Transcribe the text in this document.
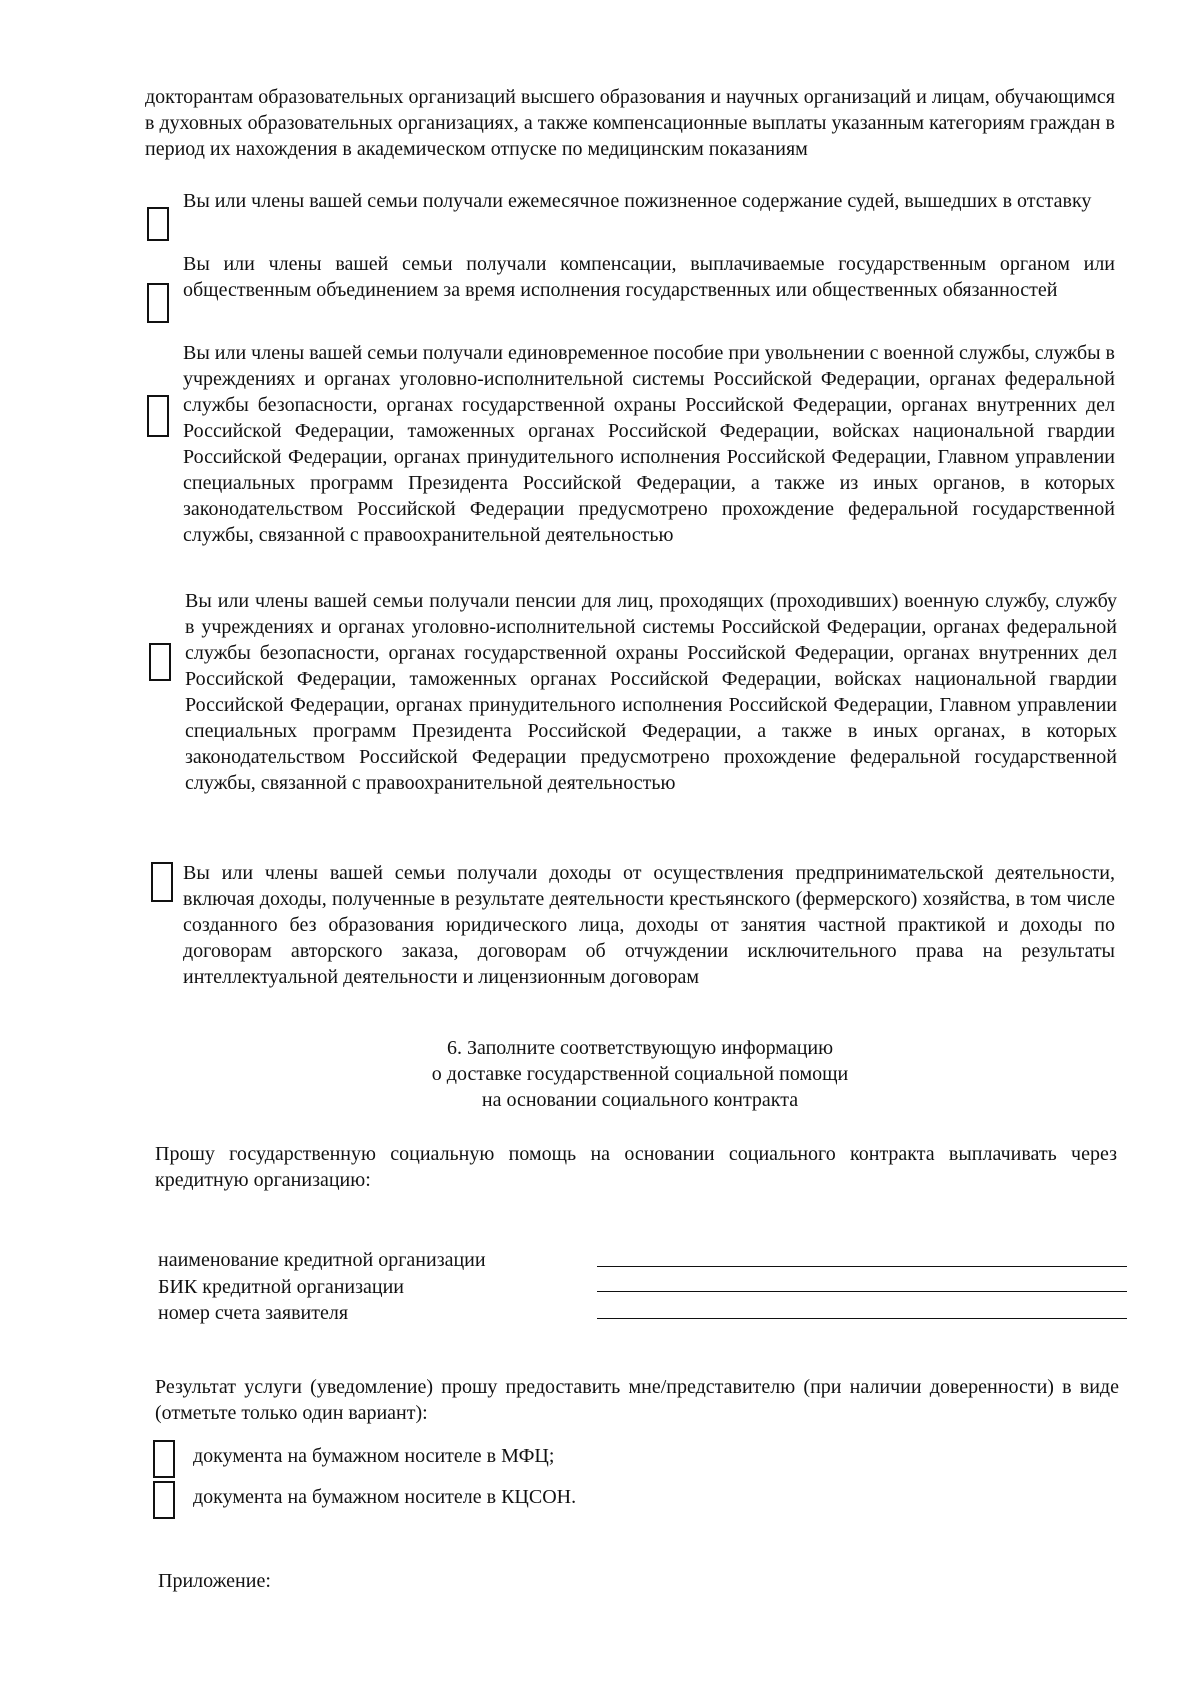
докторантам образовательных организаций высшего образования и научных организаций и лицам, обучающимся в духовных образовательных организациях, а также компенсационные выплаты указанным категориям граждан в период их нахождения в академическом отпуске по медицинским показаниям

Вы или члены вашей семьи получали ежемесячное пожизненное содержание судей, вышедших в отставку

Вы или члены вашей семьи получали компенсации, выплачиваемые государственным органом или общественным объединением за время исполнения государственных или общественных обязанностей

Вы или члены вашей семьи получали единовременное пособие при увольнении с военной службы, службы в учреждениях и органах уголовно-исполнительной системы Российской Федерации, органах федеральной службы безопасности, органах государственной охраны Российской Федерации, органах внутренних дел Российской Федерации, таможенных органах Российской Федерации, войсках национальной гвардии Российской Федерации, органах принудительного исполнения Российской Федерации, Главном управлении специальных программ Президента Российской Федерации, а также из иных органов, в которых законодательством Российской Федерации предусмотрено прохождение федеральной государственной службы, связанной с правоохранительной деятельностью

Вы или члены вашей семьи получали пенсии для лиц, проходящих (проходивших) военную службу, службу в учреждениях и органах уголовно-исполнительной системы Российской Федерации, органах федеральной службы безопасности, органах государственной охраны Российской Федерации, органах внутренних дел Российской Федерации, таможенных органах Российской Федерации, войсках национальной гвардии Российской Федерации, органах принудительного исполнения Российской Федерации, Главном управлении специальных программ Президента Российской Федерации, а также в иных органах, в которых законодательством Российской Федерации предусмотрено прохождение федеральной государственной службы, связанной с правоохранительной деятельностью

Вы или члены вашей семьи получали доходы от осуществления предпринимательской деятельности, включая доходы, полученные в результате деятельности крестьянского (фермерского) хозяйства, в том числе созданного без образования юридического лица, доходы от занятия частной практикой и доходы по договорам авторского заказа, договорам об отчуждении исключительного права на результаты интеллектуальной деятельности и лицензионным договорам

6. Заполните соответствующую информацию
о доставке государственной социальной помощи
на основании социального контракта

Прошу государственную социальную помощь на основании социального контракта выплачивать через кредитную организацию:

наименование кредитной организации
БИК кредитной организации
номер счета заявителя

Результат услуги (уведомление) прошу предоставить мне/представителю (при наличии доверенности) в виде (отметьте только один вариант):

документа на бумажном носителе в МФЦ;
документа на бумажном носителе в КЦСОН.
Приложение:
